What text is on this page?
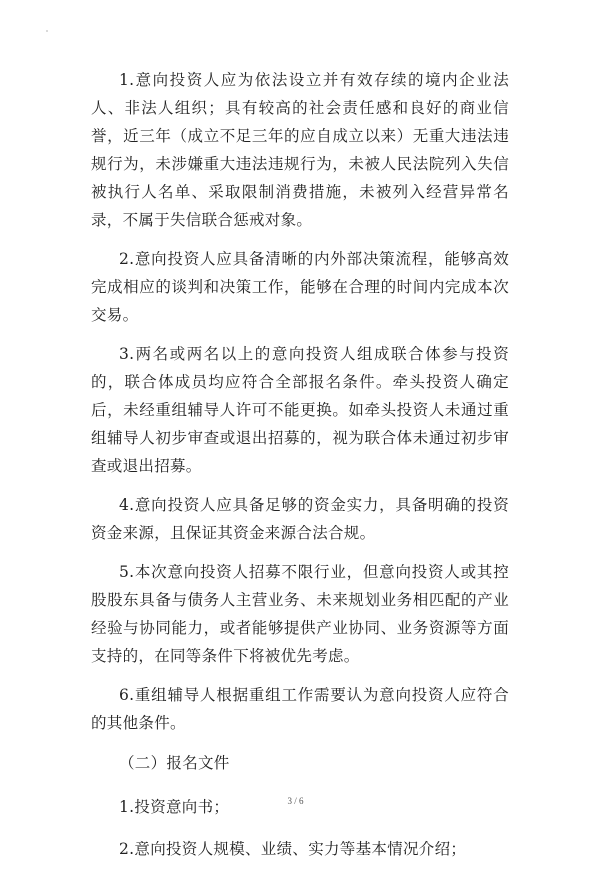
1.意向投资人应为依法设立并有效存续的境内企业法人、非法人组织；具有较高的社会责任感和良好的商业信誉，近三年（成立不足三年的应自成立以来）无重大违法违规行为，未涉嫌重大违法违规行为，未被人民法院列入失信被执行人名单、采取限制消费措施，未被列入经营异常名录，不属于失信联合惩戒对象。

2.意向投资人应具备清晰的内外部决策流程，能够高效完成相应的谈判和决策工作，能够在合理的时间内完成本次交易。

3.两名或两名以上的意向投资人组成联合体参与投资的，联合体成员均应符合全部报名条件。牵头投资人确定后，未经重组辅导人许可不能更换。如牵头投资人未通过重组辅导人初步审查或退出招募的，视为联合体未通过初步审查或退出招募。

4.意向投资人应具备足够的资金实力，具备明确的投资资金来源，且保证其资金来源合法合规。

5.本次意向投资人招募不限行业，但意向投资人或其控股股东具备与债务人主营业务、未来规划业务相匹配的产业经验与协同能力，或者能够提供产业协同、业务资源等方面支持的，在同等条件下将被优先考虑。

6.重组辅导人根据重组工作需要认为意向投资人应符合的其他条件。

（二）报名文件

1.投资意向书；

2.意向投资人规模、业绩、实力等基本情况介绍；

3 / 6
